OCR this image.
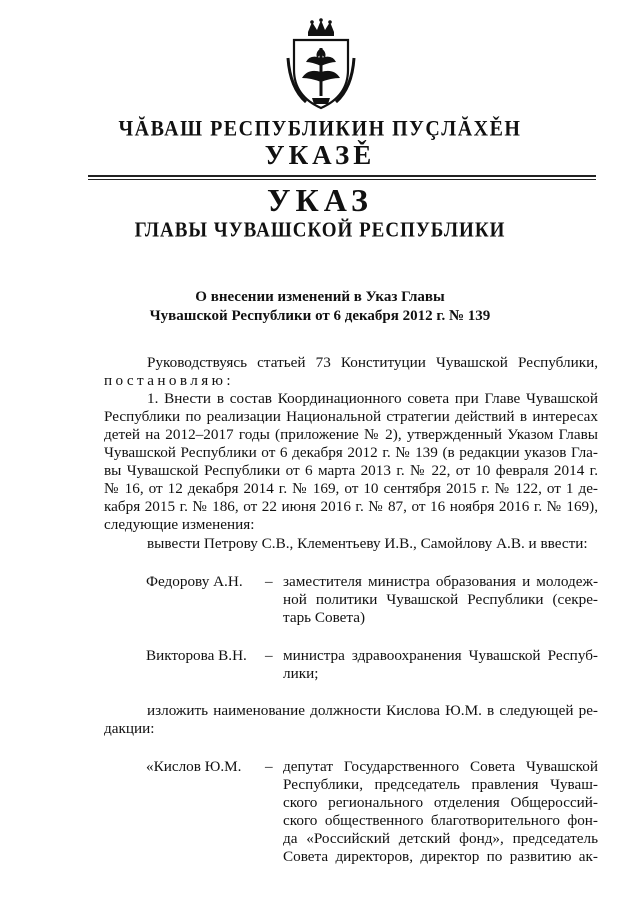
ЧĂВАШ РЕСПУБЛИКИН ПУÇЛĂХĚН
УКАЗĚ
УКАЗ
ГЛАВЫ ЧУВАШСКОЙ РЕСПУБЛИКИ
О внесении изменений в Указ Главы
Чувашской Республики от 6 декабря 2012 г. № 139
Руководствуясь статьей 73 Конституции Чувашской Республики,
постановляю:
1. Внести в состав Координационного совета при Главе Чувашской
Республики по реализации Национальной стратегии действий в интересах
детей на 2012–2017 годы (приложение № 2), утвержденный Указом Главы
Чувашской Республики от 6 декабря 2012 г. № 139 (в редакции указов Гла-
вы Чувашской Республики от 6 марта 2013 г. № 22, от 10 февраля 2014 г.
№ 16, от 12 декабря 2014 г. № 169, от 10 сентября 2015 г. № 122, от 1 де-
кабря 2015 г. № 186, от 22 июня 2016 г. № 87, от 16 ноября 2016 г. № 169),
следующие изменения:
вывести Петрову С.В., Клементьеву И.В., Самойлову А.В. и ввести:
Федорову А.Н. – заместителя министра образования и молодеж-
ной политики Чувашской Республики (секре-
тарь Совета)
Викторова В.Н. – министра здравоохранения Чувашской Респуб-
лики;
изложить наименование должности Кислова Ю.М. в следующей ре-
дакции:
«Кислов Ю.М. – депутат Государственного Совета Чувашской
Республики, председатель правления Чуваш-
ского регионального отделения Общероссий-
ского общественного благотворительного фон-
да «Российский детский фонд», председатель
Совета директоров, директор по развитию ак-
